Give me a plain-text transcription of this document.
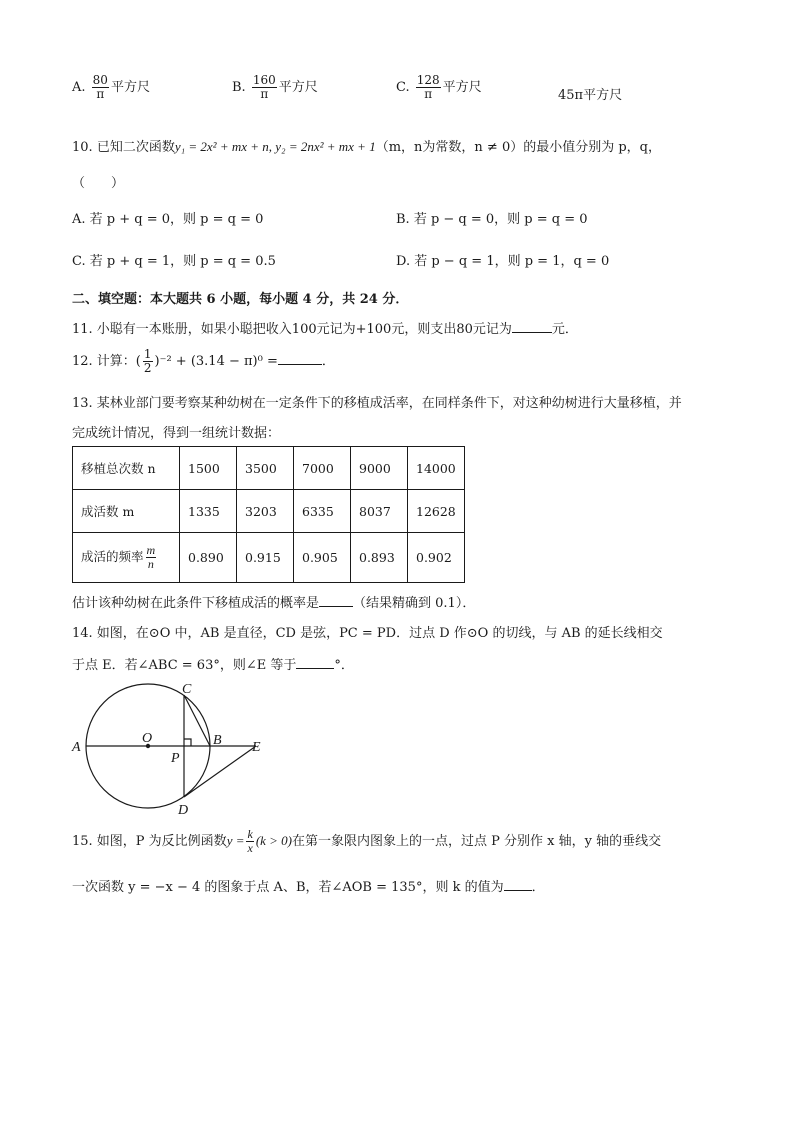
A. $\frac{80}{\pi}$ 平方尺	B. $\frac{160}{\pi}$ 平方尺	C. $\frac{128}{\pi}$ 平方尺
45π平方尺
10. 已知二次函数y₁ = 2x² + mx + n, y₂ = 2nx² + mx + 1（m，n为常数，n ≠ 0）的最小值分别为 p，q，
（　　）
A. 若 p + q = 0，则 p = q = 0	B. 若 p − q = 0，则 p = q = 0
C. 若 p + q = 1，则 p = q = 0.5	D. 若 p − q = 1，则 p = 1，q = 0
二、填空题：本大题共 6 小题，每小题 4 分，共 24 分．
11. 小聪有一本账册，如果小聪把收入100元记为+100元，则支出80元记为	元．
12. 计算：( $\frac{1}{2} )^{-2} + (3.14 - \pi)^0$ =	．
13. 某林业部门要考察某种幼树在一定条件下的移植成活率，在同样条件下，对这种幼树进行大量移植，并
完成统计情况，得到一组统计数据：
移植总次数 n	1500	3500	7000	9000	14000
成活数 m	1335	3203	6335	8037	12628
成活的频率 $\frac{m}{n}$	0.890	0.915	0.905	0.893	0.902
估计该种幼树在此条件下移植成活的概率是	（结果精确到 0.1）．
14. 如图，在⊙O 中，AB 是直径，CD 是弦，PC = PD．过点 D 作⊙O 的切线，与 AB 的延长线相交
于点 E．若∠ABC = 63°，则∠E 等于	°．
A
O
P
B E
C
D
15. 如图，P 为反比例函数$y = \frac{k}{x} (k > 0)$在第一象限内图象上的一点，过点 P 分别作 x 轴，y 轴的垂线交
一次函数 y = −x − 4 的图象于点 A、B，若∠AOB = 135°，则 k 的值为 ．
